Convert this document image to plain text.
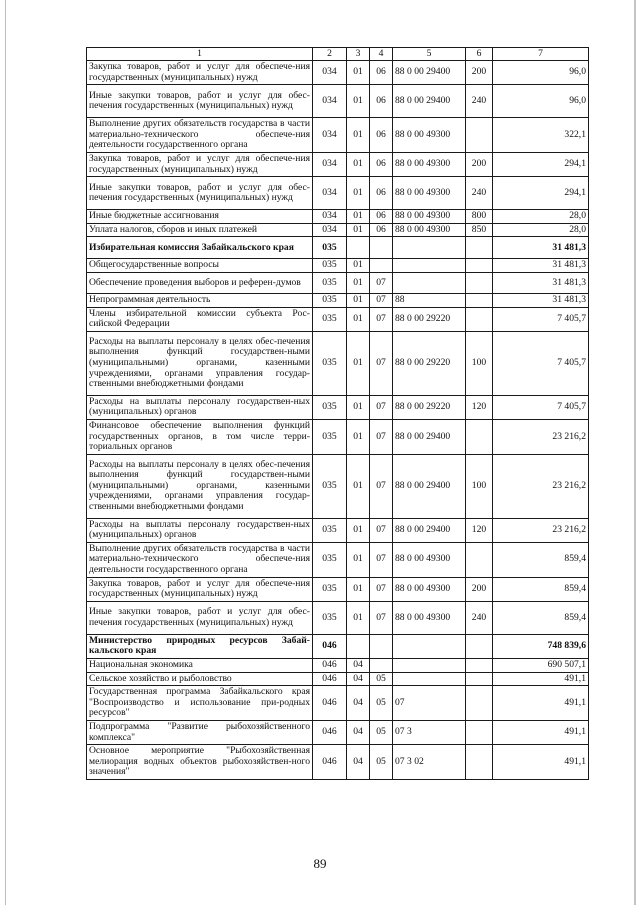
1	2	3	4	5	6	7
Закупка товаров, работ и услуг для обеспече-ния государственных (муниципальных) нужд	034	01	06	88 0 00 29400	200	96,0
Иные закупки товаров, работ и услуг для обес-печения государственных (муниципальных) нужд	034	01	06	88 0 00 29400	240	96,0
Выполнение других обязательств государства в части материально-технического обеспече-ния деятельности государственного органа	034	01	06	88 0 00 49300		322,1
Закупка товаров, работ и услуг для обеспече-ния государственных (муниципальных) нужд	034	01	06	88 0 00 49300	200	294,1
Иные закупки товаров, работ и услуг для обес-печения государственных (муниципальных) нужд	034	01	06	88 0 00 49300	240	294,1
Иные бюджетные ассигнования	034	01	06	88 0 00 49300	800	28,0
Уплата налогов, сборов и иных платежей	034	01	06	88 0 00 49300	850	28,0
Избирательная комиссия Забайкальского края	035					31 481,3
Общегосударственные вопросы	035	01				31 481,3
Обеспечение проведения выборов и референ-думов	035	01	07			31 481,3
Непрограммная деятельность	035	01	07	88		31 481,3
Члены избирательной комиссии субъекта Рос-сийской Федерации	035	01	07	88 0 00 29220		7 405,7
Расходы на выплаты персоналу в целях обес-печения выполнения функций государствен-ными (муниципальными) органами, казенными учреждениями, органами управления государ-ственными внебюджетными фондами	035	01	07	88 0 00 29220	100	7 405,7
Расходы на выплаты персоналу государствен-ных (муниципальных) органов	035	01	07	88 0 00 29220	120	7 405,7
Финансовое обеспечение выполнения функций государственных органов, в том числе терри-ториальных органов	035	01	07	88 0 00 29400		23 216,2
Расходы на выплаты персоналу в целях обес-печения выполнения функций государствен-ными (муниципальными) органами, казенными учреждениями, органами управления государ-ственными внебюджетными фондами	035	01	07	88 0 00 29400	100	23 216,2
Расходы на выплаты персоналу государствен-ных (муниципальных) органов	035	01	07	88 0 00 29400	120	23 216,2
Выполнение других обязательств государства в части материально-технического обеспече-ния деятельности государственного органа	035	01	07	88 0 00 49300		859,4
Закупка товаров, работ и услуг для обеспече-ния государственных (муниципальных) нужд	035	01	07	88 0 00 49300	200	859,4
Иные закупки товаров, работ и услуг для обес-печения государственных (муниципальных) нужд	035	01	07	88 0 00 49300	240	859,4
Министерство природных ресурсов Забай-кальского края	046					748 839,6
Национальная экономика	046	04				690 507,1
Сельское хозяйство и рыболовство	046	04	05			491,1
Государственная программа Забайкальского края "Воспроизводство и использование при-родных ресурсов"	046	04	05	07		491,1
Подпрограмма "Развитие рыбохозяйственного комплекса"	046	04	05	07 3		491,1
Основное мероприятие "Рыбохозяйственная мелиорация водных объектов рыбохозяйствен-ного значения"	046	04	05	07 3 02		491,1
89
